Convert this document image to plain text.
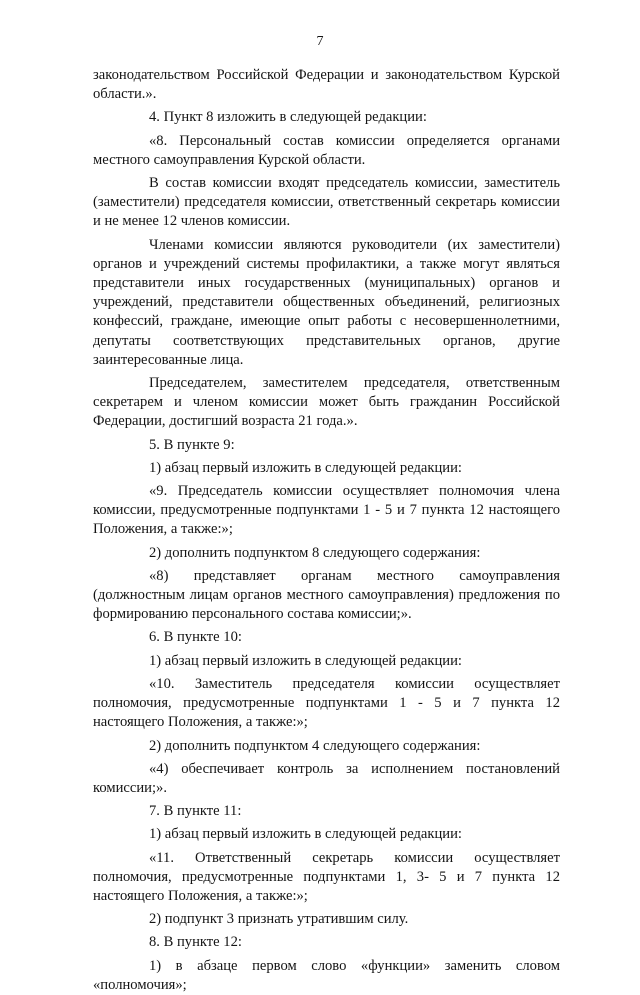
7

законодательством Российской Федерации и законодательством Курской области.».

4. Пункт 8 изложить в следующей редакции:

«8. Персональный состав комиссии определяется органами местного самоуправления Курской области.

В состав комиссии входят председатель комиссии, заместитель (заместители) председателя комиссии, ответственный секретарь комиссии и не менее 12 членов комиссии.

Членами комиссии являются руководители (их заместители) органов и учреждений системы профилактики, а также могут являться представители иных государственных (муниципальных) органов и учреждений, представители общественных объединений, религиозных конфессий, граждане, имеющие опыт работы с несовершеннолетними, депутаты соответствующих представительных органов, другие заинтересованные лица.

Председателем, заместителем председателя, ответственным секретарем и членом комиссии может быть гражданин Российской Федерации, достигший возраста 21 года.».

5. В пункте 9:

1) абзац первый изложить в следующей редакции:

«9. Председатель комиссии осуществляет полномочия члена комиссии, предусмотренные подпунктами 1 - 5 и 7 пункта 12 настоящего Положения, а также:»;

2) дополнить подпунктом 8 следующего содержания:

«8) представляет органам местного самоуправления (должностным лицам органов местного самоуправления) предложения по формированию персонального состава комиссии;».

6. В пункте 10:

1) абзац первый изложить в следующей редакции:

«10. Заместитель председателя комиссии осуществляет полномочия, предусмотренные подпунктами 1 - 5 и 7 пункта 12 настоящего Положения, а также:»;

2) дополнить подпунктом 4 следующего содержания:

«4) обеспечивает контроль за исполнением постановлений комиссии;».

7. В пункте 11:

1) абзац первый изложить в следующей редакции:

«11. Ответственный секретарь комиссии осуществляет полномочия, предусмотренные подпунктами 1, 3- 5 и 7 пункта 12 настоящего Положения, а также:»;

2) подпункт 3 признать утратившим силу.

8. В пункте 12:

1) в абзаце первом слово «функции» заменить словом «полномочия»;
